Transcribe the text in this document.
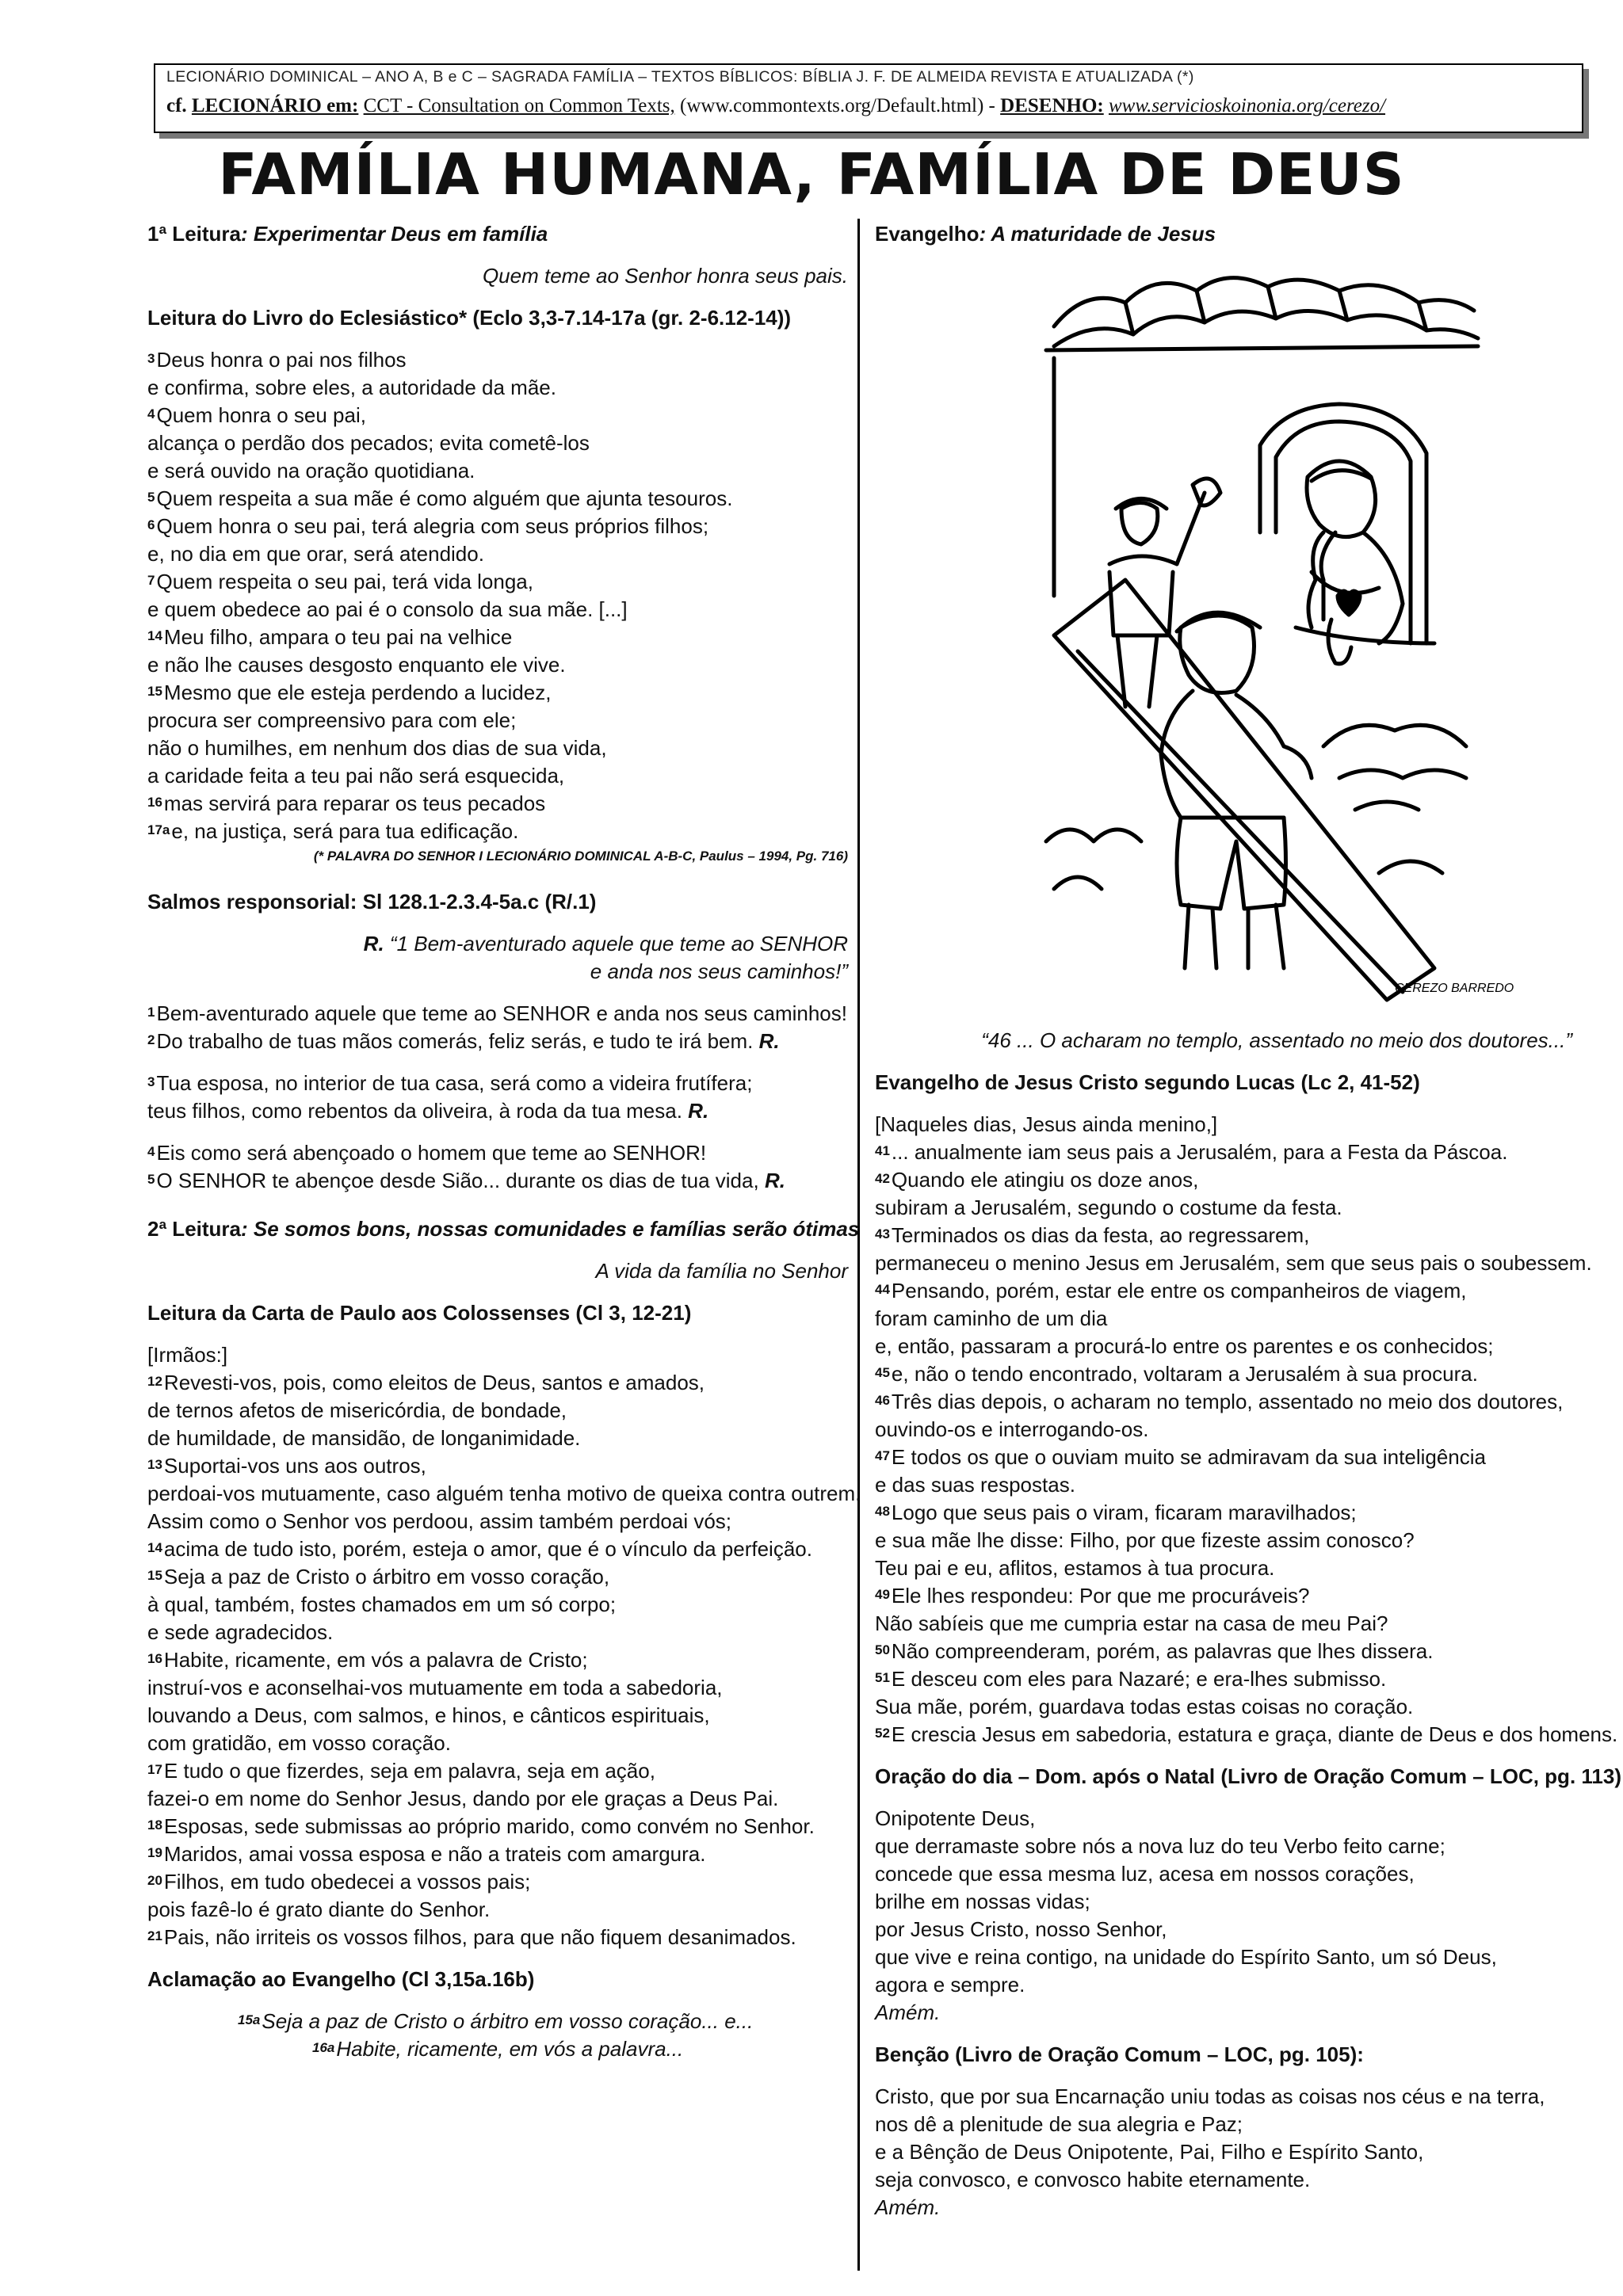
LECIONÁRIO DOMINICAL – ANO A, B e C – SAGRADA FAMÍLIA – TEXTOS BÍBLICOS: BÍBLIA J. F. DE ALMEIDA REVISTA E ATUALIZADA (*)
cf. LECIONÁRIO em: CCT - Consultation on Common Texts, (www.commontexts.org/Default.html) - DESENHO: www.servicioskoinonia.org/cerezo/
FAMÍLIA HUMANA, FAMÍLIA DE DEUS
1ª Leitura: Experimentar Deus em família
Quem teme ao Senhor honra seus pais.
Leitura do Livro do Eclesiástico* (Eclo 3,3-7.14-17a (gr. 2-6.12-14))
$^3$Deus honra o pai nos filhos
e confirma, sobre eles, a autoridade da mãe.
$^4$Quem honra o seu pai,
alcança o perdão dos pecados; evita cometê-los
e será ouvido na oração quotidiana.
$^5$Quem respeita a sua mãe é como alguém que ajunta tesouros.
$^6$Quem honra o seu pai, terá alegria com seus próprios filhos;
e, no dia em que orar, será atendido.
$^7$Quem respeita o seu pai, terá vida longa,
e quem obedece ao pai é o consolo da sua mãe. [...]
$^{14}$Meu filho, ampara o teu pai na velhice
e não lhe causes desgosto enquanto ele vive.
$^{15}$Mesmo que ele esteja perdendo a lucidez,
procura ser compreensivo para com ele;
não o humilhes, em nenhum dos dias de sua vida,
a caridade feita a teu pai não será esquecida,
$^{16}$mas servirá para reparar os teus pecados
$^{17a}$e, na justiça, será para tua edificação.
(* PALAVRA DO SENHOR I LECIONÁRIO DOMINICAL A-B-C, Paulus – 1994, Pg. 716)
Salmos responsorial: Sl 128.1-2.3.4-5a.c (R/.1)
R. “1 Bem-aventurado aquele que teme ao SENHOR
e anda nos seus caminhos!”
$^1$Bem-aventurado aquele que teme ao SENHOR e anda nos seus caminhos!
$^2$Do trabalho de tuas mãos comerás, feliz serás, e tudo te irá bem. R.
$^3$Tua esposa, no interior de tua casa, será como a videira frutífera;
teus filhos, como rebentos da oliveira, à roda da tua mesa. R.
$^4$Eis como será abençoado o homem que teme ao SENHOR!
$^5$O SENHOR te abençoe desde Sião... durante os dias de tua vida, R.
2ª Leitura: Se somos bons, nossas comunidades e famílias serão ótimas
A vida da família no Senhor
Leitura da Carta de Paulo aos Colossenses (Cl 3, 12-21)
[Irmãos:]
$^{12}$Revesti-vos, pois, como eleitos de Deus, santos e amados,
de ternos afetos de misericórdia, de bondade,
de humildade, de mansidão, de longanimidade.
$^{13}$Suportai-vos uns aos outros,
perdoai-vos mutuamente, caso alguém tenha motivo de queixa contra outrem.
Assim como o Senhor vos perdoou, assim também perdoai vós;
$^{14}$acima de tudo isto, porém, esteja o amor, que é o vínculo da perfeição.
$^{15}$Seja a paz de Cristo o árbitro em vosso coração,
à qual, também, fostes chamados em um só corpo;
e sede agradecidos.
$^{16}$Habite, ricamente, em vós a palavra de Cristo;
instruí-vos e aconselhai-vos mutuamente em toda a sabedoria,
louvando a Deus, com salmos, e hinos, e cânticos espirituais,
com gratidão, em vosso coração.
$^{17}$E tudo o que fizerdes, seja em palavra, seja em ação,
fazei-o em nome do Senhor Jesus, dando por ele graças a Deus Pai.
$^{18}$Esposas, sede submissas ao próprio marido, como convém no Senhor.
$^{19}$Maridos, amai vossa esposa e não a trateis com amargura.
$^{20}$Filhos, em tudo obedecei a vossos pais;
pois fazê-lo é grato diante do Senhor.
$^{21}$Pais, não irriteis os vossos filhos, para que não fiquem desanimados.
Aclamação ao Evangelho (Cl 3,15a.16b)
$^{15a}$Seja a paz de Cristo o árbitro em vosso coração... e...
$^{16a}$Habite, ricamente, em vós a palavra...
Evangelho: A maturidade de Jesus
CEREZO BARREDO
“46 ... O acharam no templo, assentado no meio dos doutores...”
Evangelho de Jesus Cristo segundo Lucas (Lc 2, 41-52)
[Naqueles dias, Jesus ainda menino,]
$^{41}$... anualmente iam seus pais a Jerusalém, para a Festa da Páscoa.
$^{42}$Quando ele atingiu os doze anos,
subiram a Jerusalém, segundo o costume da festa.
$^{43}$Terminados os dias da festa, ao regressarem,
permaneceu o menino Jesus em Jerusalém, sem que seus pais o soubessem.
$^{44}$Pensando, porém, estar ele entre os companheiros de viagem,
foram caminho de um dia
e, então, passaram a procurá-lo entre os parentes e os conhecidos;
$^{45}$e, não o tendo encontrado, voltaram a Jerusalém à sua procura.
$^{46}$Três dias depois, o acharam no templo, assentado no meio dos doutores,
ouvindo-os e interrogando-os.
$^{47}$E todos os que o ouviam muito se admiravam da sua inteligência
e das suas respostas.
$^{48}$Logo que seus pais o viram, ficaram maravilhados;
e sua mãe lhe disse: Filho, por que fizeste assim conosco?
Teu pai e eu, aflitos, estamos à tua procura.
$^{49}$Ele lhes respondeu: Por que me procuráveis?
Não sabíeis que me cumpria estar na casa de meu Pai?
$^{50}$Não compreenderam, porém, as palavras que lhes dissera.
$^{51}$E desceu com eles para Nazaré; e era-lhes submisso.
Sua mãe, porém, guardava todas estas coisas no coração.
$^{52}$E crescia Jesus em sabedoria, estatura e graça, diante de Deus e dos homens.
Oração do dia – Dom. após o Natal (Livro de Oração Comum – LOC, pg. 113)
Onipotente Deus,
que derramaste sobre nós a nova luz do teu Verbo feito carne;
concede que essa mesma luz, acesa em nossos corações,
brilhe em nossas vidas;
por Jesus Cristo, nosso Senhor,
que vive e reina contigo, na unidade do Espírito Santo, um só Deus,
agora e sempre.
Amém.
Benção (Livro de Oração Comum – LOC, pg. 105):
Cristo, que por sua Encarnação uniu todas as coisas nos céus e na terra,
nos dê a plenitude de sua alegria e Paz;
e a Bênção de Deus Onipotente, Pai, Filho e Espírito Santo,
seja convosco, e convosco habite eternamente.
Amém.
